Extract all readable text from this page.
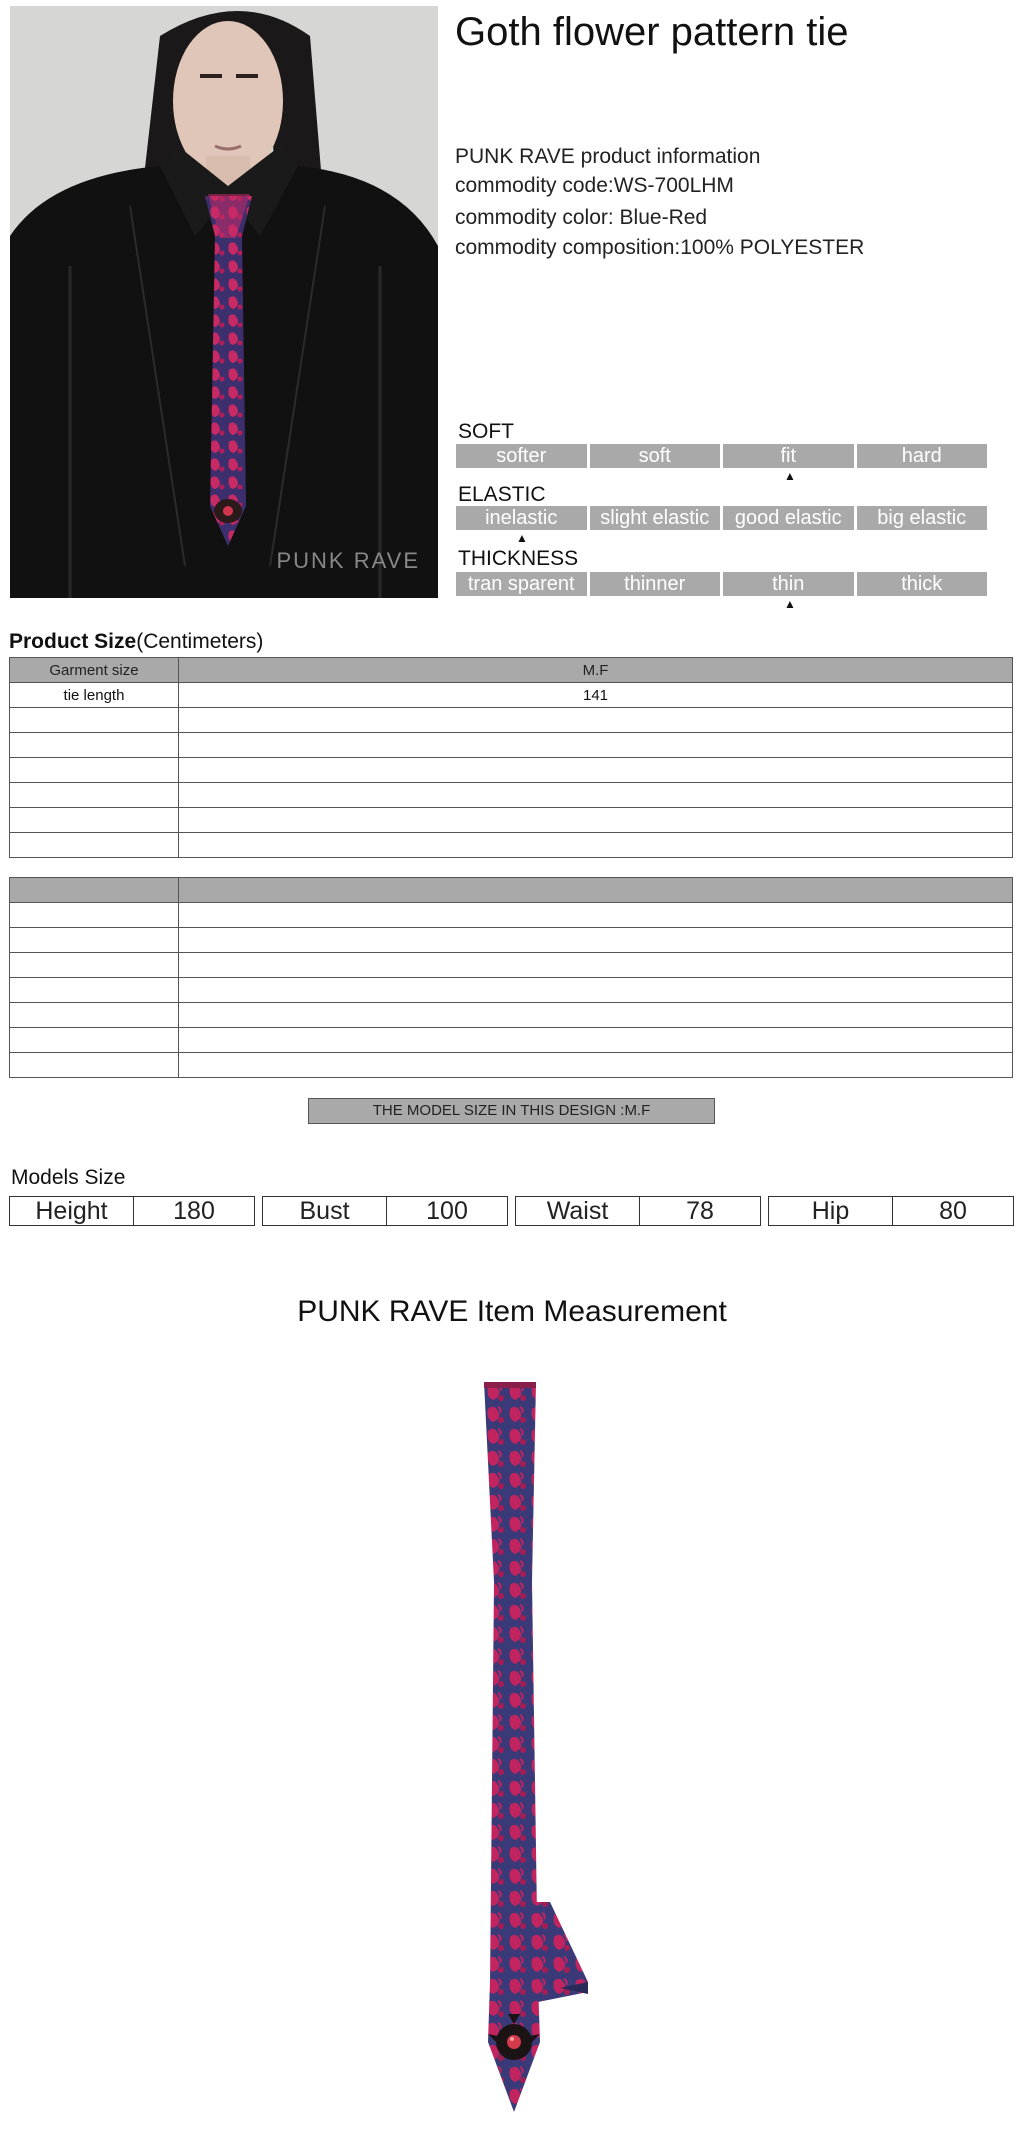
PUNK RAVE
Goth flower pattern tie
PUNK RAVE product information
commodity code:WS-700LHM
commodity color: Blue-Red
commodity composition:100% POLYESTER
SOFT
softer	soft	fit	hard
▲
ELASTIC
inelastic	slight elastic	good elastic	big elastic
▲
THICKNESS
tran sparent	thinner	thin	thick
▲
Product Size(Centimeters)
Garment size	M.F
tie length	141

THE MODEL SIZE IN THIS DESIGN :M.F
Models Size
Height	180	Bust	100	Waist	78	Hip	80
PUNK RAVE Item Measurement
